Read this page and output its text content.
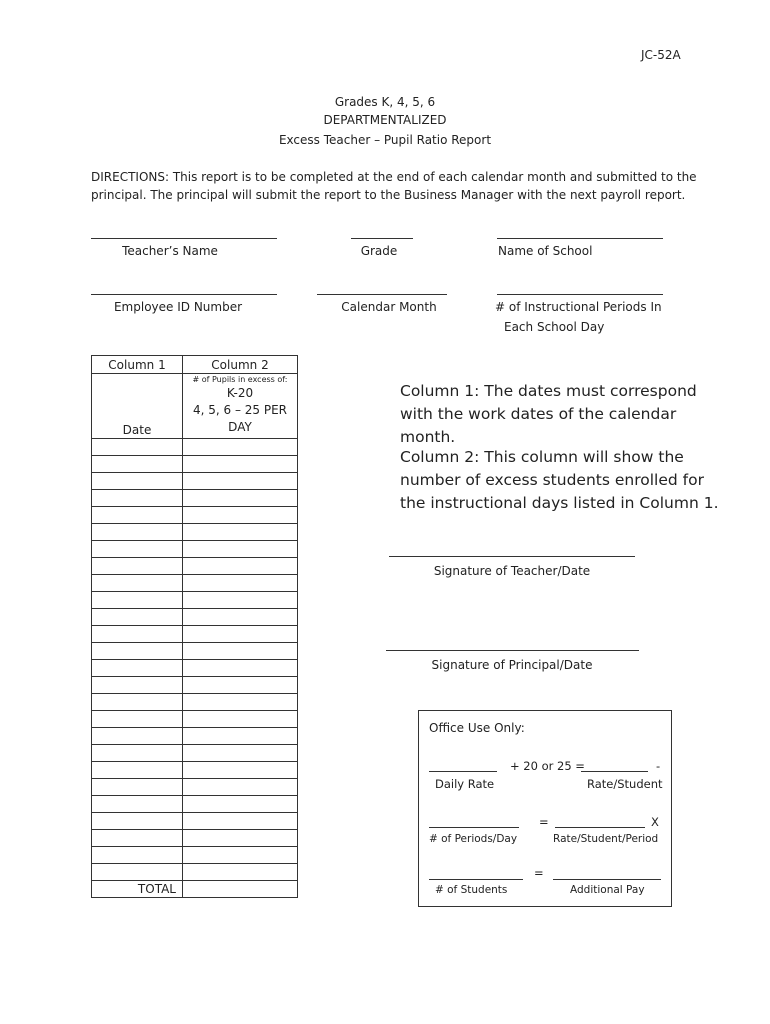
JC-52A
Grades K, 4, 5, 6
DEPARTMENTALIZED
Excess Teacher – Pupil Ratio Report
DIRECTIONS: This report is to be completed at the end of each calendar month and submitted to the
principal. The principal will submit the report to the Business Manager with the next payroll report.
Teacher’s Name	Grade	Name of School
Employee ID Number	Calendar Month	# of Instructional Periods In
Each School Day
Column 1	Column 2
Date	# of Pupils in excess of:
K-20
4, 5, 6 – 25 PER
DAY

TOTAL	
Column 1: The dates must correspond with the work dates of the calendar month.
Column 2: This column will show the number of excess students enrolled for the instructional days listed in Column 1.
Signature of Teacher/Date
Signature of Principal/Date
Office Use Only:
+ 20 or 25 =	-
Daily Rate	Rate/Student
=	X
# of Periods/Day	Rate/Student/Period
=
# of Students	Additional Pay
